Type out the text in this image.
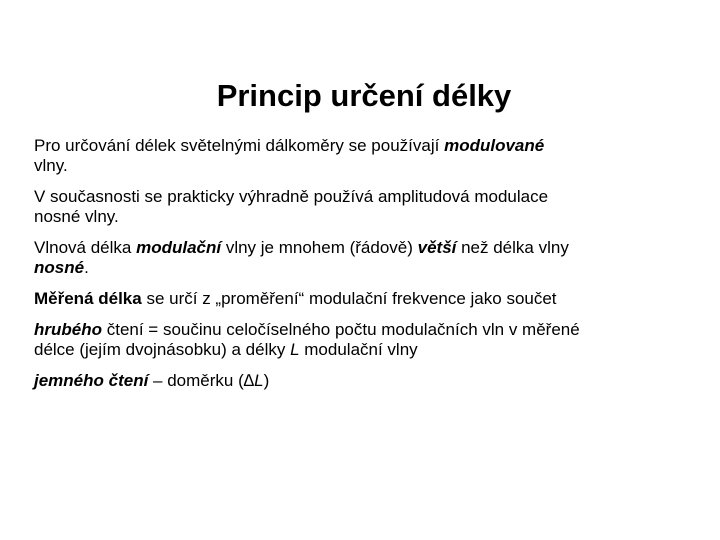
Princip určení délky
Pro určování délek světelnými dálkoměry se používají modulované
vlny.
V současnosti se prakticky výhradně používá amplitudová modulace
nosné vlny.
Vlnová délka modulační vlny je mnohem (řádově) větší než délka vlny
nosné.
Měřená délka se určí z „proměření“ modulační frekvence jako součet
hrubého čtení = součinu celočíselného počtu modulačních vln v měřené
délce (jejím dvojnásobku) a délky L modulační vlny
jemného čtení – doměrku (∆L)
